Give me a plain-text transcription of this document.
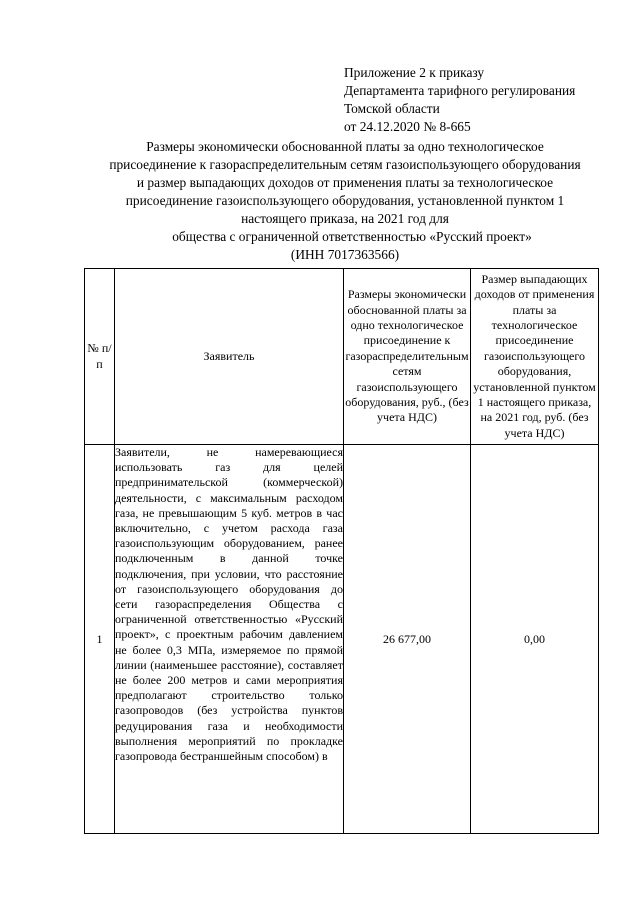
Приложение 2 к приказу
Департамента тарифного регулирования
Томской области
от 24.12.2020 № 8-665
Размеры экономически обоснованной платы за одно технологическое
присоединение к газораспределительным сетям газоиспользующего оборудования
и размер выпадающих доходов от применения платы за технологическое
присоединение газоиспользующего оборудования, установленной пунктом 1
настоящего приказа, на 2021 год для
общества с ограниченной ответственностью «Русский проект»
(ИНН 7017363566)
№ п/п	Заявитель	Размеры экономически обоснованной платы за одно технологическое присоединение к газораспределительным сетям газоиспользующего оборудования, руб., (без учета НДС)	Размер выпадающих доходов от применения платы за технологическое присоединение газоиспользующего оборудования, установленной пунктом 1 настоящего приказа, на 2021 год, руб. (без учета НДС)
1	Заявители, не намеревающиеся использовать газ для целей предпринимательской (коммерческой) деятельности, с максимальным расходом газа, не превышающим 5 куб. метров в час включительно, с учетом расхода газа газоиспользующим оборудованием, ранее подключенным в данной точке подключения, при условии, что расстояние от газоиспользующего оборудования до сети газораспределения Общества с ограниченной ответственностью «Русский проект», с проектным рабочим давлением не более 0,3 МПа, измеряемое по прямой линии (наименьшее расстояние), составляет не более 200 метров и сами мероприятия предполагают строительство только газопроводов (без устройства пунктов редуцирования газа и необходимости выполнения мероприятий по прокладке газопровода бестраншейным способом) в	26 677,00	0,00
